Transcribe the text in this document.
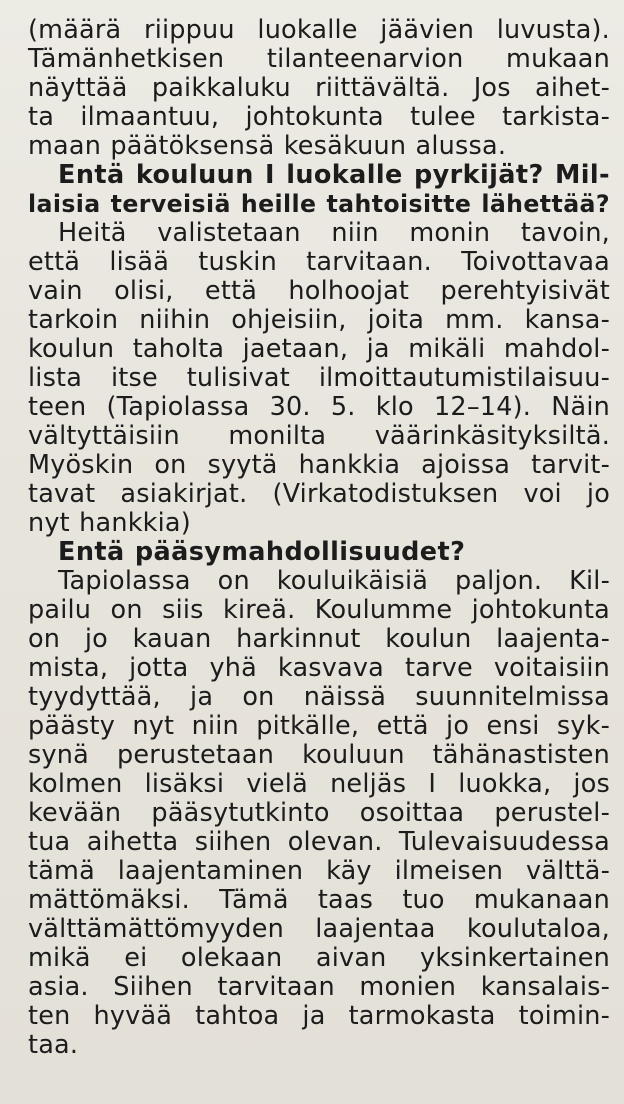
(määrä riippuu luokalle jäävien luvusta).
Tämänhetkisen tilanteenarvion mukaan
näyttää paikkaluku riittävältä. Jos aihet-
ta ilmaantuu, johtokunta tulee tarkista-
maan päätöksensä kesäkuun alussa.
Entä kouluun I luokalle pyrkijät? Mil-
laisia terveisiä heille tahtoisitte lähettää?
Heitä valistetaan niin monin tavoin,
että lisää tuskin tarvitaan. Toivottavaa
vain olisi, että holhoojat perehtyisivät
tarkoin niihin ohjeisiin, joita mm. kansa-
koulun taholta jaetaan, ja mikäli mahdol-
lista itse tulisivat ilmoittautumistilaisuu-
teen (Tapiolassa 30. 5. klo 12–14). Näin
vältyttäisiin monilta väärinkäsityksiltä.
Myöskin on syytä hankkia ajoissa tarvit-
tavat asiakirjat. (Virkatodistuksen voi jo
nyt hankkia)
Entä pääsymahdollisuudet?
Tapiolassa on kouluikäisiä paljon. Kil-
pailu on siis kireä. Koulumme johtokunta
on jo kauan harkinnut koulun laajenta-
mista, jotta yhä kasvava tarve voitaisiin
tyydyttää, ja on näissä suunnitelmissa
päästy nyt niin pitkälle, että jo ensi syk-
synä perustetaan kouluun tähänastisten
kolmen lisäksi vielä neljäs I luokka, jos
kevään pääsytutkinto osoittaa perustel-
tua aihetta siihen olevan. Tulevaisuudessa
tämä laajentaminen käy ilmeisen välttä-
mättömäksi. Tämä taas tuo mukanaan
välttämättömyyden laajentaa koulutaloa,
mikä ei olekaan aivan yksinkertainen
asia. Siihen tarvitaan monien kansalais-
ten hyvää tahtoa ja tarmokasta toimin-
taa.
